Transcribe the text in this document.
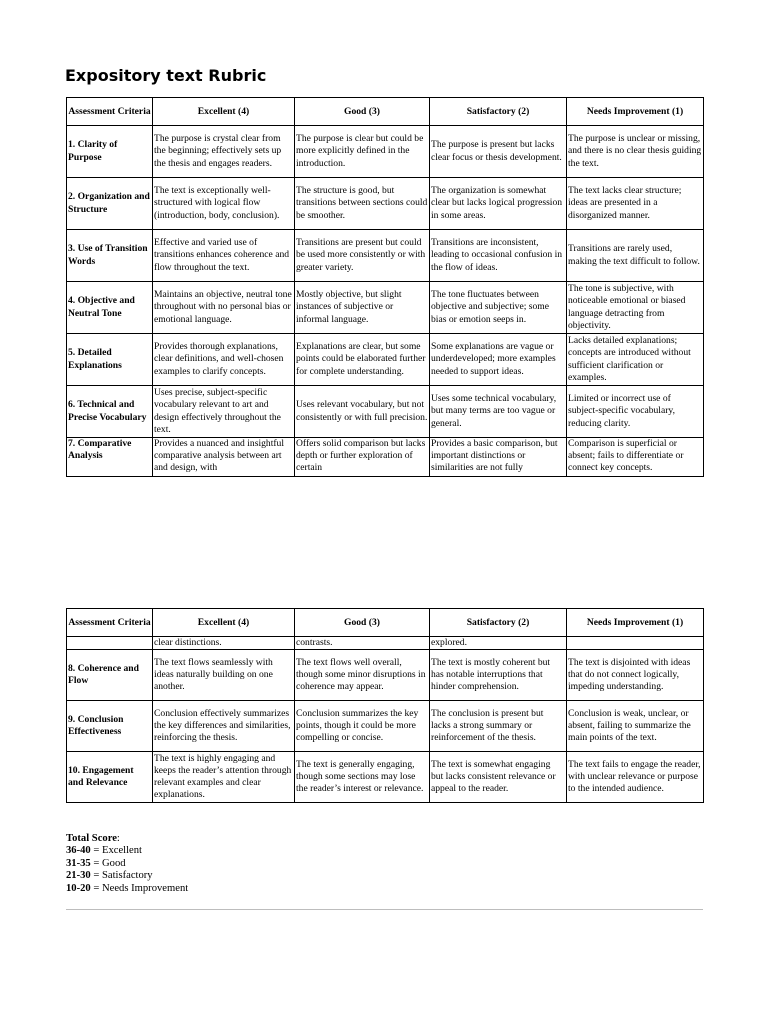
Expository text Rubric
Assessment Criteria	Excellent (4)	Good (3)	Satisfactory (2)	Needs Improvement (1)
1. Clarity of Purpose	The purpose is crystal clear from the beginning; effectively sets up the thesis and engages readers.	The purpose is clear but could be more explicitly defined in the introduction.	The purpose is present but lacks clear focus or thesis development.	The purpose is unclear or missing, and there is no clear thesis guiding the text.
2. Organization and Structure	The text is exceptionally well-structured with logical flow (introduction, body, conclusion).	The structure is good, but transitions between sections could be smoother.	The organization is somewhat clear but lacks logical progression in some areas.	The text lacks clear structure; ideas are presented in a disorganized manner.
3. Use of Transition Words	Effective and varied use of transitions enhances coherence and flow throughout the text.	Transitions are present but could be used more consistently or with greater variety.	Transitions are inconsistent, leading to occasional confusion in the flow of ideas.	Transitions are rarely used, making the text difficult to follow.
4. Objective and Neutral Tone	Maintains an objective, neutral tone throughout with no personal bias or emotional language.	Mostly objective, but slight instances of subjective or informal language.	The tone fluctuates between objective and subjective; some bias or emotion seeps in.	The tone is subjective, with noticeable emotional or biased language detracting from objectivity.
5. Detailed Explanations	Provides thorough explanations, clear definitions, and well-chosen examples to clarify concepts.	Explanations are clear, but some points could be elaborated further for complete understanding.	Some explanations are vague or underdeveloped; more examples needed to support ideas.	Lacks detailed explanations; concepts are introduced without sufficient clarification or examples.
6. Technical and Precise Vocabulary	Uses precise, subject-specific vocabulary relevant to art and design effectively throughout the text.	Uses relevant vocabulary, but not consistently or with full precision.	Uses some technical vocabulary, but many terms are too vague or general.	Limited or incorrect use of subject-specific vocabulary, reducing clarity.
7. Comparative Analysis	Provides a nuanced and insightful comparative analysis between art and design, with	Offers solid comparison but lacks depth or further exploration of certain	Provides a basic comparison, but important distinctions or similarities are not fully	Comparison is superficial or absent; fails to differentiate or connect key concepts.
Assessment Criteria	Excellent (4)	Good (3)	Satisfactory (2)	Needs Improvement (1)
	clear distinctions.	contrasts.	explored.	
8. Coherence and Flow	The text flows seamlessly with ideas naturally building on one another.	The text flows well overall, though some minor disruptions in coherence may appear.	The text is mostly coherent but has notable interruptions that hinder comprehension.	The text is disjointed with ideas that do not connect logically, impeding understanding.
9. Conclusion Effectiveness	Conclusion effectively summarizes the key differences and similarities, reinforcing the thesis.	Conclusion summarizes the key points, though it could be more compelling or concise.	The conclusion is present but lacks a strong summary or reinforcement of the thesis.	Conclusion is weak, unclear, or absent, failing to summarize the main points of the text.
10. Engagement and Relevance	The text is highly engaging and keeps the reader’s attention through relevant examples and clear explanations.	The text is generally engaging, though some sections may lose the reader’s interest or relevance.	The text is somewhat engaging but lacks consistent relevance or appeal to the reader.	The text fails to engage the reader, with unclear relevance or purpose to the intended audience.
Total Score:
36-40 = Excellent
31-35 = Good
21-30 = Satisfactory
10-20 = Needs Improvement
